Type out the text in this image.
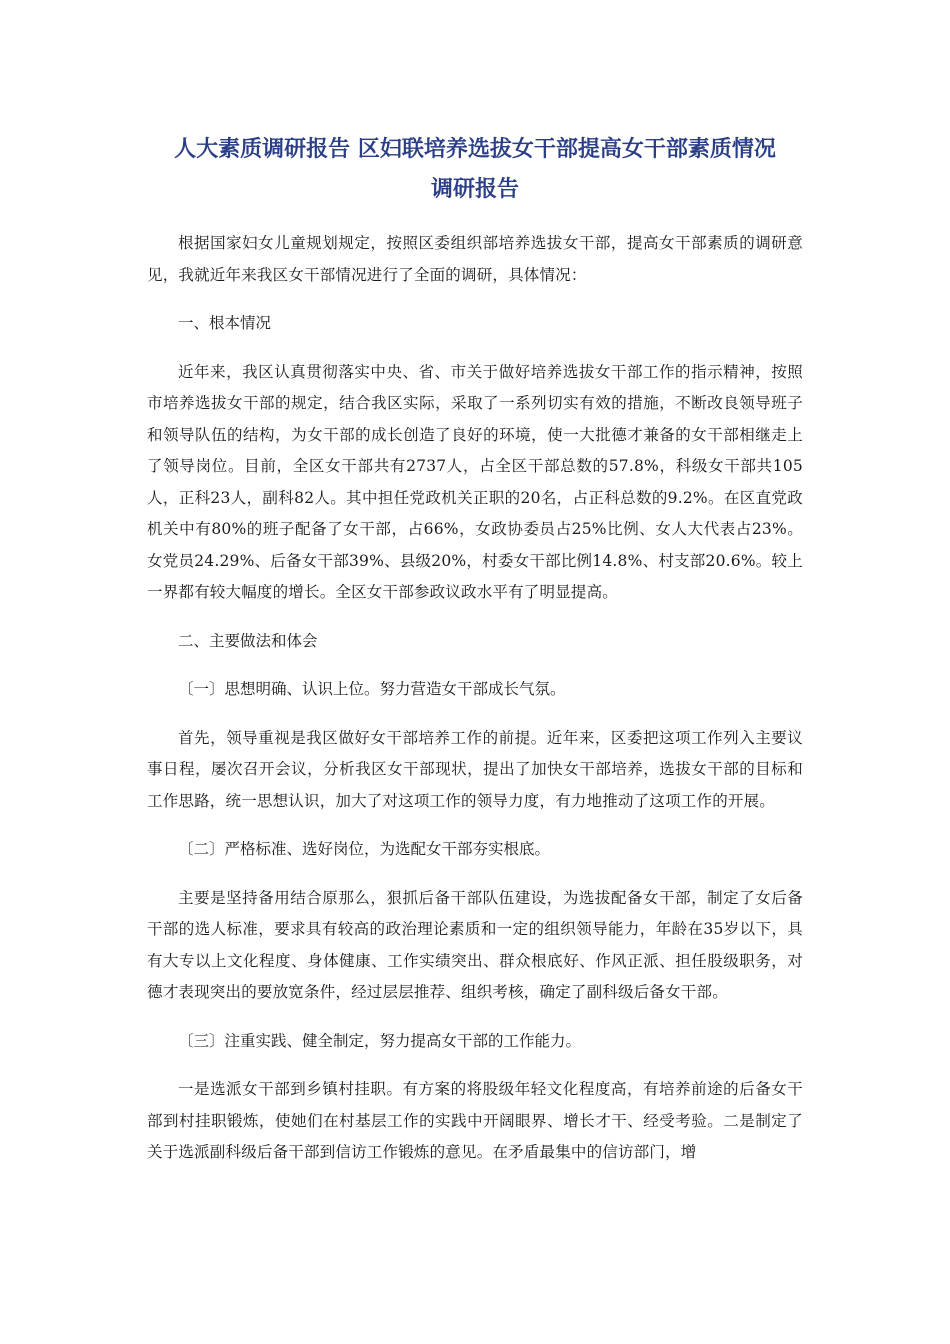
人大素质调研报告 区妇联培养选拔女干部提高女干部素质情况
调研报告

根据国家妇女儿童规划规定，按照区委组织部培养选拔女干部，提高女干部素质的调研意见，我就近年来我区女干部情况进行了全面的调研，具体情况：

一、根本情况

近年来，我区认真贯彻落实中央、省、市关于做好培养选拔女干部工作的指示精神，按照市培养选拔女干部的规定，结合我区实际，采取了一系列切实有效的措施，不断改良领导班子和领导队伍的结构，为女干部的成长创造了良好的环境，使一大批德才兼备的女干部相继走上了领导岗位。目前，全区女干部共有2737人，占全区干部总数的57.8%，科级女干部共105人，正科23人，副科82人。其中担任党政机关正职的20名，占正科总数的9.2%。在区直党政机关中有80%的班子配备了女干部，占66%，女政协委员占25%比例、女人大代表占23%。女党员24.29%、后备女干部39%、县级20%，村委女干部比例14.8%、村支部20.6%。较上一界都有较大幅度的增长。全区女干部参政议政水平有了明显提高。

二、主要做法和体会

〔一〕思想明确、认识上位。努力营造女干部成长气氛。

首先，领导重视是我区做好女干部培养工作的前提。近年来，区委把这项工作列入主要议事日程，屡次召开会议，分析我区女干部现状，提出了加快女干部培养，选拔女干部的目标和工作思路，统一思想认识，加大了对这项工作的领导力度，有力地推动了这项工作的开展。

〔二〕严格标准、选好岗位，为选配女干部夯实根底。

主要是坚持备用结合原那么，狠抓后备干部队伍建设，为选拔配备女干部，制定了女后备干部的选人标准，要求具有较高的政治理论素质和一定的组织领导能力，年龄在35岁以下，具有大专以上文化程度、身体健康、工作实绩突出、群众根底好、作风正派、担任股级职务，对德才表现突出的要放宽条件，经过层层推荐、组织考核，确定了副科级后备女干部。

〔三〕注重实践、健全制定，努力提高女干部的工作能力。

一是选派女干部到乡镇村挂职。有方案的将股级年轻文化程度高，有培养前途的后备女干部到村挂职锻炼，使她们在村基层工作的实践中开阔眼界、增长才干、经受考验。二是制定了关于选派副科级后备干部到信访工作锻炼的意见。在矛盾最集中的信访部门，增
